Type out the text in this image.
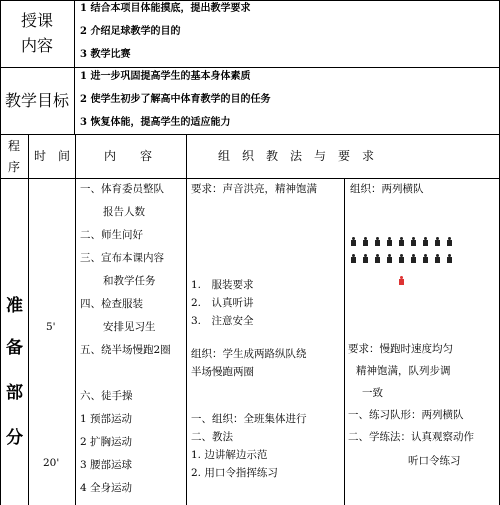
授课
内容
1 结合本项目体能摸底，提出教学要求
2 介绍足球教学的目的
3 教学比赛
教学目标
1 进一步巩固提高学生的基本身体素质
2 使学生初步了解高中体育教学的目的任务
3 恢复体能，提高学生的适应能力
程
序
时　间	内　　容	组　织　教　法　与　要　求
准
备
部
分
5'
20'
一、体育委员整队
报告人数
二、师生问好
三、宣布本课内容
和教学任务
四、检查服装
安排见习生
五、绕半场慢跑2圈
六、徒手操
1 预部运动
2 扩胸运动
3 腰部运球
4 全身运动
要求：声音洪亮，精神饱满
1.　服装要求
2.　认真听讲
3.　注意安全
组织：学生成两路纵队绕
半场慢跑两圈
一、组织：全班集体进行
二、教法
1. 边讲解边示范
2. 用口令指挥练习
组织：两列横队
要求：慢跑时速度均匀
精神饱满，队列步调
一致
一、练习队形：两列横队
二、学练法：认真观察动作
听口令练习
